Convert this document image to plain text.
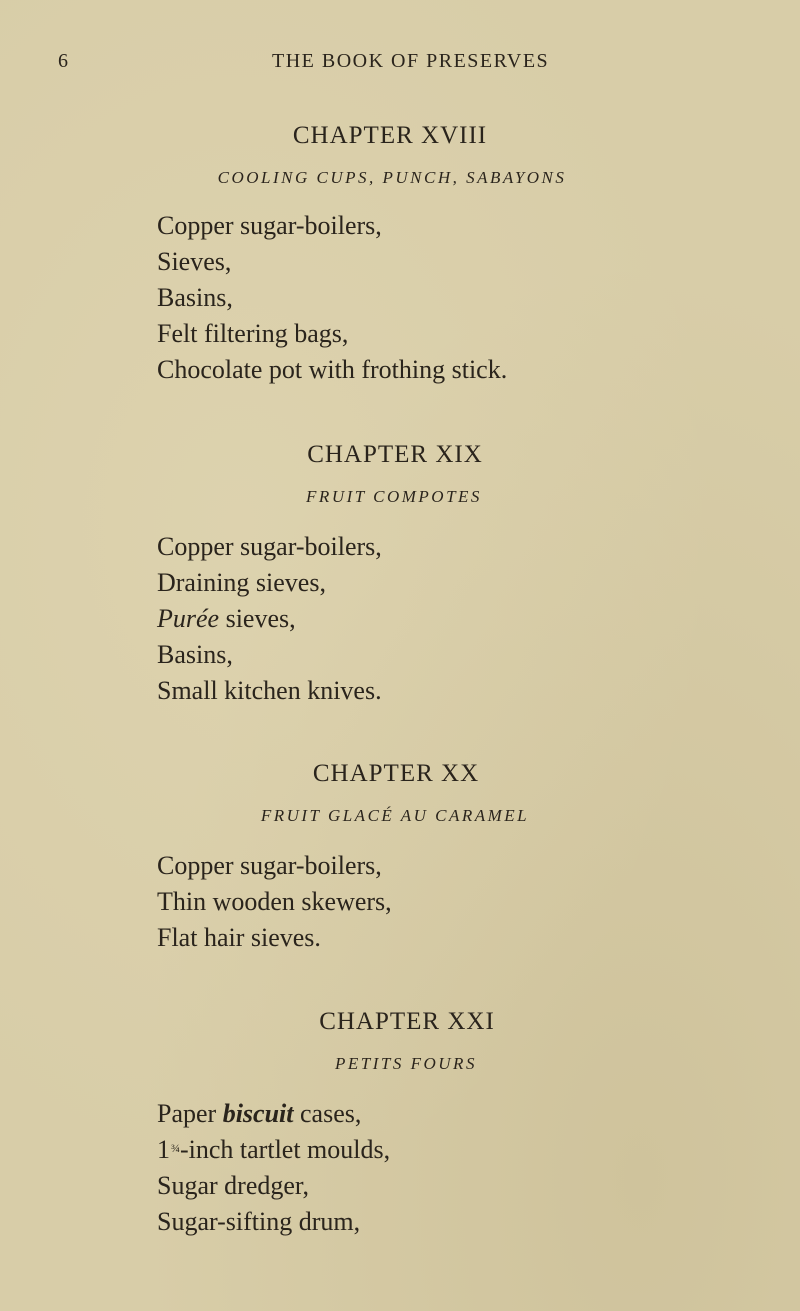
6	THE BOOK OF PRESERVES
CHAPTER XVIII
COOLING CUPS, PUNCH, SABAYONS
Copper sugar-boilers,
Sieves,
Basins,
Felt filtering bags,
Chocolate pot with frothing stick.
CHAPTER XIX
FRUIT COMPOTES
Copper sugar-boilers,
Draining sieves,
Purée sieves,
Basins,
Small kitchen knives.
CHAPTER XX
FRUIT GLACÉ AU CARAMEL
Copper sugar-boilers,
Thin wooden skewers,
Flat hair sieves.
CHAPTER XXI
PETITS FOURS
Paper biscuit cases,
1¾-inch tartlet moulds,
Sugar dredger,
Sugar-sifting drum,
